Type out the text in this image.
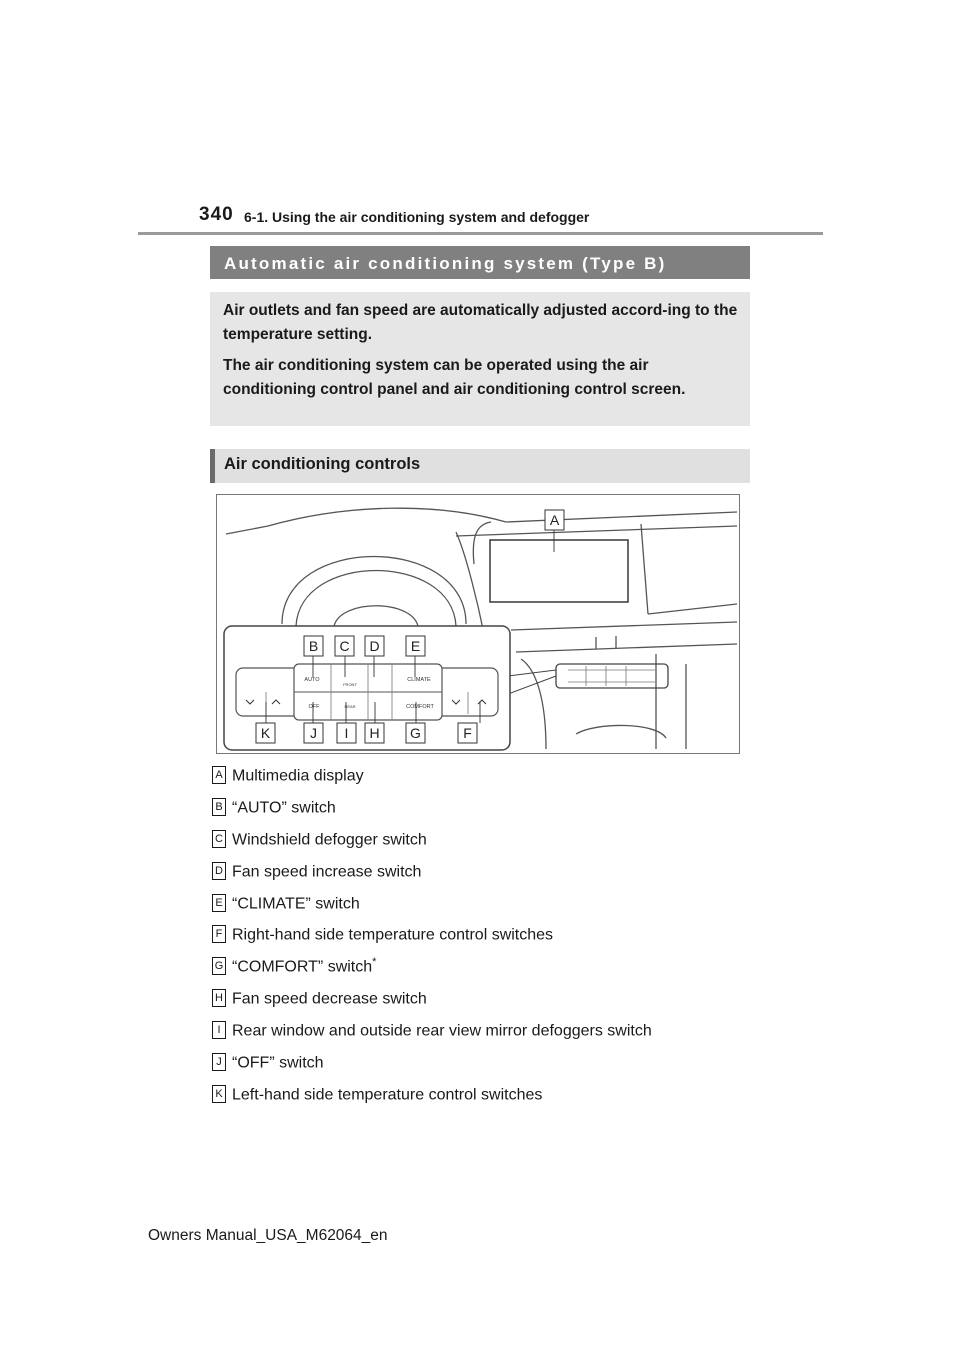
340 6-1. Using the air conditioning system and defogger
Automatic air conditioning system (Type B)

Air outlets and fan speed are automatically adjusted accord-ing to the temperature setting.

The air conditioning system can be operated using the air conditioning control panel and air conditioning control screen.

Air conditioning controls
AUTO
FRONT
CLIMATE
OFF	REAR	COMFORT
A
B C D E
K	J I H G	F
A Multimedia display
B “AUTO” switch
C Windshield defogger switch
D Fan speed increase switch
E “CLIMATE” switch
F Right-hand side temperature control switches
G “COMFORT” switch*
H Fan speed decrease switch
I Rear window and outside rear view mirror defoggers switch
J “OFF” switch
K Left-hand side temperature control switches
Owners Manual_USA_M62064_en
